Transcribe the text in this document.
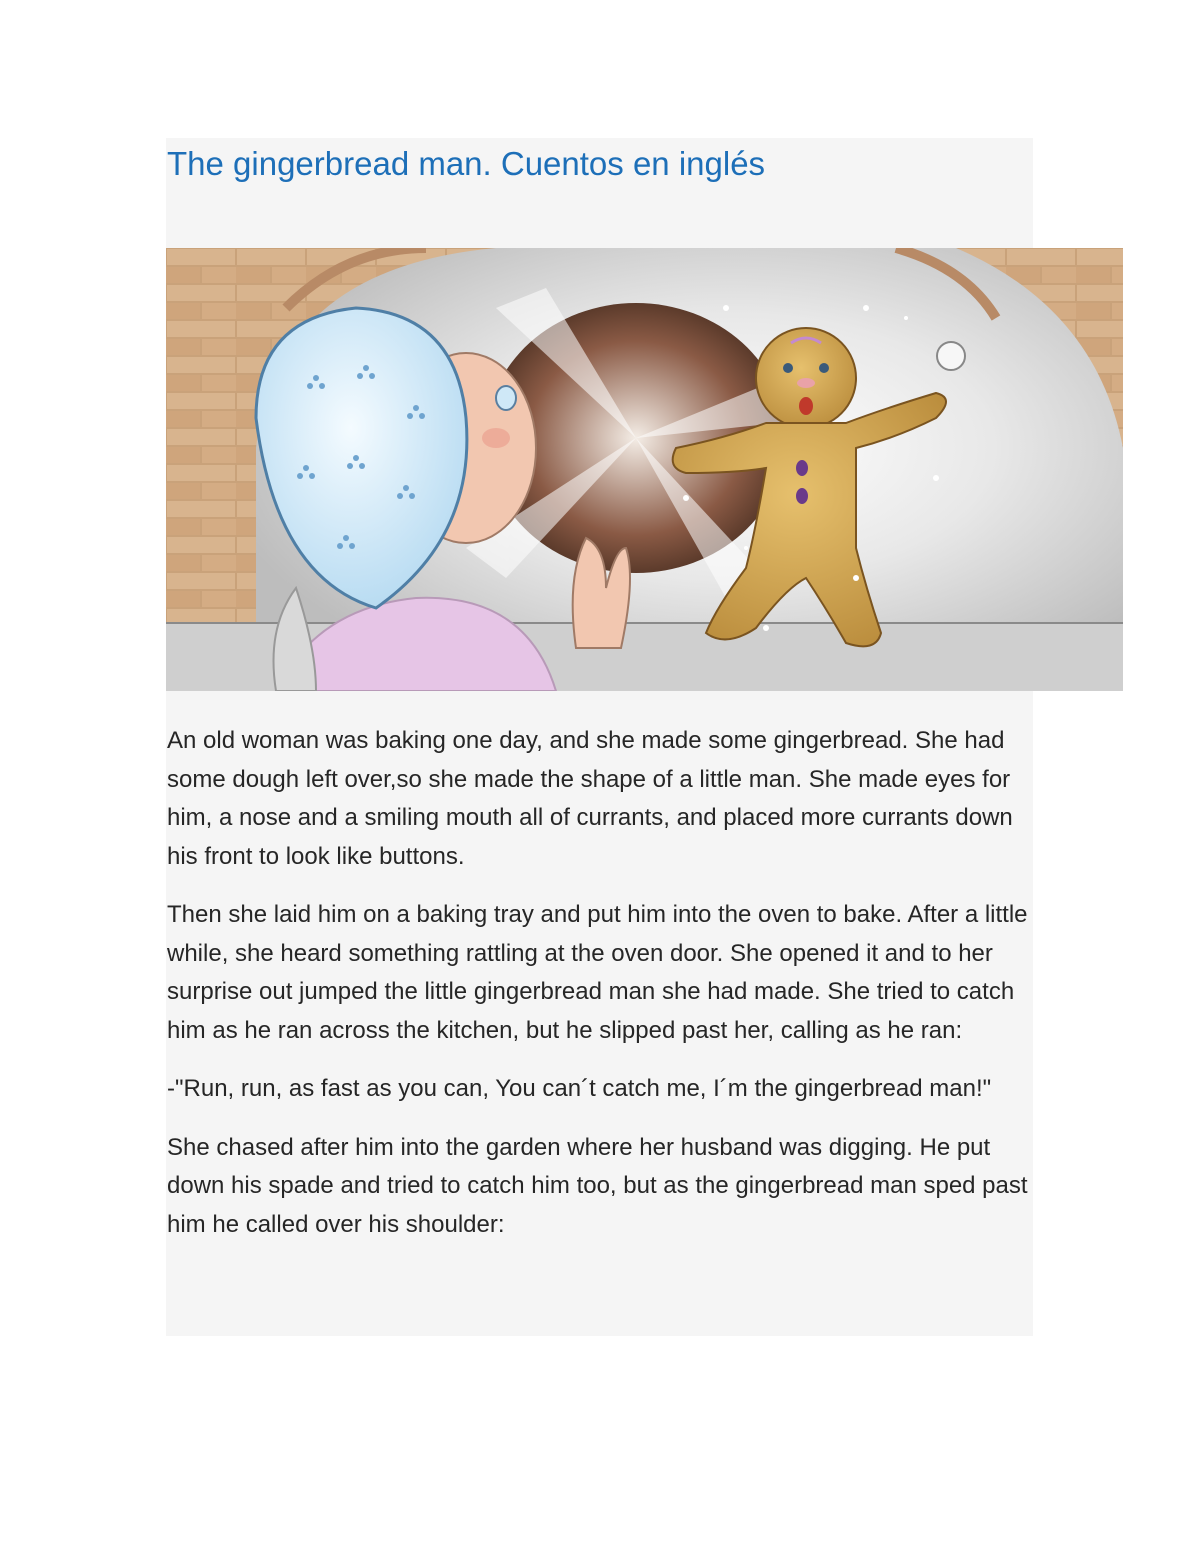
The gingerbread man. Cuentos en inglés

An old woman was baking one day, and she made some gingerbread. She had some dough left over,so she made the shape of a little man. She made eyes for him, a nose and a smiling mouth all of currants, and placed more currants down his front to look like buttons.

Then she laid him on a baking tray and put him into the oven to bake. After a little while, she heard something rattling at the oven door. She opened it and to her surprise out jumped the little gingerbread man she had made. She tried to catch him as he ran across the kitchen, but he slipped past her, calling as he ran:

-"Run, run, as fast as you can, You can´t catch me, I´m the gingerbread man!"

She chased after him into the garden where her husband was digging. He put down his spade and tried to catch him too, but as the gingerbread man sped past him he called over his shoulder:
